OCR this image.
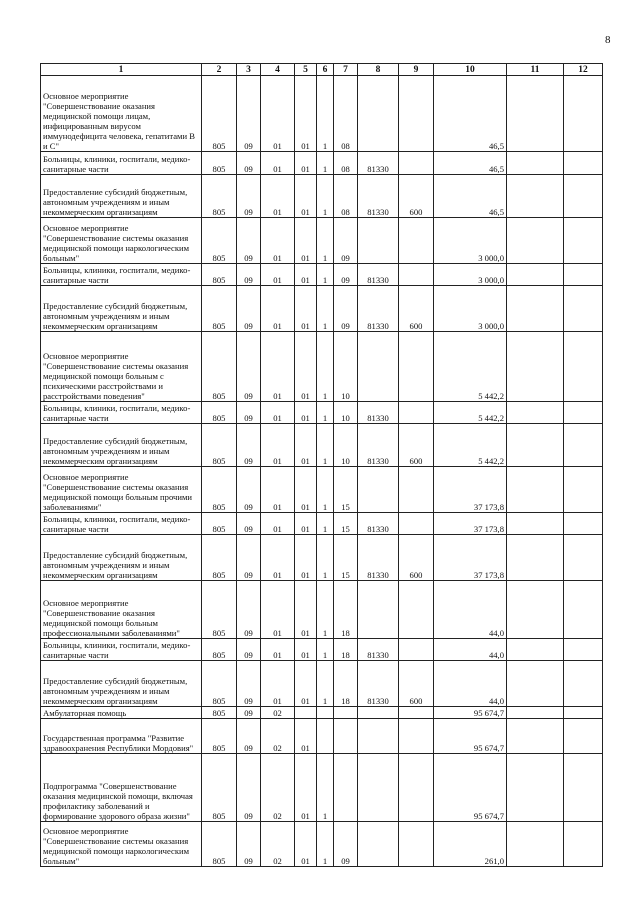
8
1	2	3	4	5	6	7	8	9	10	11	12
Основное мероприятие "Совершенствование оказания медицинской помощи лицам, инфицированным вирусом иммунодефицита человека, гепатитами В и С"	805	09	01	01	1	08			46,5		
Больницы, клиники, госпитали, медико-санитарные части	805	09	01	01	1	08	81330		46,5		
Предоставление субсидий бюджетным, автономным учреждениям и иным некоммерческим организациям	805	09	01	01	1	08	81330	600	46,5		
Основное мероприятие "Совершенствование системы оказания медицинской помощи наркологическим больным"	805	09	01	01	1	09			3 000,0		
Больницы, клиники, госпитали, медико-санитарные части	805	09	01	01	1	09	81330		3 000,0		
Предоставление субсидий бюджетным, автономным учреждениям и иным некоммерческим организациям	805	09	01	01	1	09	81330	600	3 000,0		
Основное мероприятие "Совершенствование системы оказания медицинской помощи больным с психическими расстройствами и расстройствами поведения"	805	09	01	01	1	10			5 442,2		
Больницы, клиники, госпитали, медико-санитарные части	805	09	01	01	1	10	81330		5 442,2		
Предоставление субсидий бюджетным, автономным учреждениям и иным некоммерческим организациям	805	09	01	01	1	10	81330	600	5 442,2		
Основное мероприятие "Совершенствование системы оказания медицинской помощи больным прочими заболеваниями"	805	09	01	01	1	15			37 173,8		
Больницы, клиники, госпитали, медико-санитарные части	805	09	01	01	1	15	81330		37 173,8		
Предоставление субсидий бюджетным, автономным учреждениям и иным некоммерческим организациям	805	09	01	01	1	15	81330	600	37 173,8		
Основное мероприятие "Совершенствование оказания медицинской помощи больным профессиональными заболеваниями"	805	09	01	01	1	18			44,0		
Больницы, клиники, госпитали, медико-санитарные части	805	09	01	01	1	18	81330		44,0		
Предоставление субсидий бюджетным, автономным учреждениям и иным некоммерческим организациям	805	09	01	01	1	18	81330	600	44,0		
Амбулаторная помощь	805	09	02						95 674,7		
Государственная программа "Развитие здравоохранения Республики Мордовия"	805	09	02	01					95 674,7		
Подпрограмма "Совершенствование оказания медицинской помощи, включая профилактику заболеваний и формирование здорового образа жизни"	805	09	02	01	1				95 674,7		
Основное мероприятие "Совершенствование системы оказания медицинской помощи наркологическим больным"	805	09	02	01	1	09			261,0		
